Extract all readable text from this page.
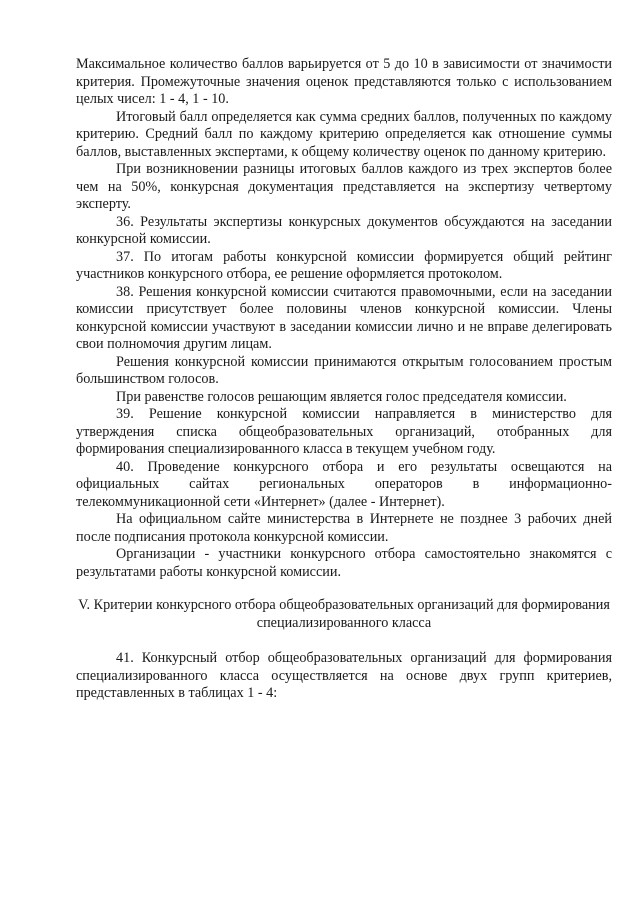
Максимальное количество баллов варьируется от 5 до 10 в зависимости от значимости критерия. Промежуточные значения оценок представляются только с использованием целых чисел: 1 - 4, 1 - 10.

Итоговый балл определяется как сумма средних баллов, полученных по каждому критерию. Средний балл по каждому критерию определяется как отношение суммы баллов, выставленных экспертами, к общему количеству оценок по данному критерию.

При возникновении разницы итоговых баллов каждого из трех экспертов более чем на 50%, конкурсная документация представляется на экспертизу четвертому эксперту.

36. Результаты экспертизы конкурсных документов обсуждаются на заседании конкурсной комиссии.

37. По итогам работы конкурсной комиссии формируется общий рейтинг участников конкурсного отбора, ее решение оформляется протоколом.

38. Решения конкурсной комиссии считаются правомочными, если на заседании комиссии присутствует более половины членов конкурсной комиссии. Члены конкурсной комиссии участвуют в заседании комиссии лично и не вправе делегировать свои полномочия другим лицам.

Решения конкурсной комиссии принимаются открытым голосованием простым большинством голосов.

При равенстве голосов решающим является голос председателя комиссии.

39. Решение конкурсной комиссии направляется в министерство для утверждения списка общеобразовательных организаций, отобранных для формирования специализированного класса в текущем учебном году.

40. Проведение конкурсного отбора и его результаты освещаются на официальных сайтах региональных операторов в информационно-телекоммуникационной сети «Интернет» (далее - Интернет).

На официальном сайте министерства в Интернете не позднее 3 рабочих дней после подписания протокола конкурсной комиссии.

Организации - участники конкурсного отбора самостоятельно знакомятся с результатами работы конкурсной комиссии.

V. Критерии конкурсного отбора общеобразовательных организаций для формирования специализированного класса

41. Конкурсный отбор общеобразовательных организаций для формирования специализированного класса осуществляется на основе двух групп критериев, представленных в таблицах 1 - 4:
